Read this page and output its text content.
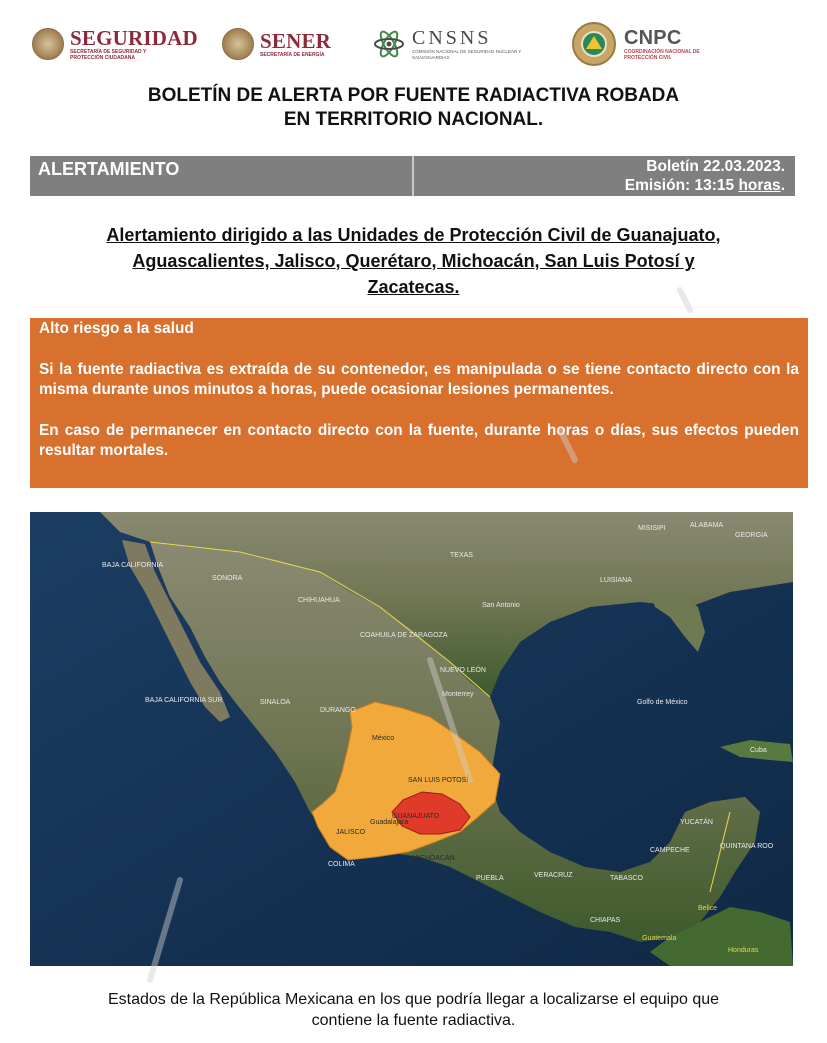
SEGURIDAD
SECRETARÍA DE SEGURIDAD Y PROTECCIÓN CIUDADANA
SENER
SECRETARÍA DE ENERGÍA
CNSNS
COMISIÓN NACIONAL DE SEGURIDAD NUCLEAR Y SALVAGUARDIAS
CNPC
COORDINACIÓN NACIONAL DE PROTECCIÓN CIVIL
BOLETÍN DE ALERTA POR FUENTE RADIACTIVA ROBADA
EN TERRITORIO NACIONAL.
ALERTAMIENTO	Boletín 22.03.2023.
Emisión: 13:15 horas.
Alertamiento dirigido a las Unidades de Protección Civil de Guanajuato,
Aguascalientes, Jalisco, Querétaro, Michoacán, San Luis Potosí y
Zacatecas.

Alto riesgo a la salud

Si la fuente radiactiva es extraída de su contenedor, es manipulada o se tiene contacto directo con la misma durante unos minutos a horas, puede ocasionar lesiones permanentes.

En caso de permanecer en contacto directo con la fuente, durante horas o días, sus efectos pueden resultar mortales.

BAJA CALIFORNIA
SONORA
CHIHUAHUA
TEXAS
San Antonio
LUISIANA
ALABAMA
GEORGIA
MISISIPI
COAHUILA DE ZARAGOZA
NUEVO LEÓN
Monterrey
BAJA CALIFORNIA SUR	SINALOA
DURANGO
Golfo de México
México
SAN LUIS POTOSÍ
GUANAJUATO
JALISCO
Guadalajara
COLIMA
MICHOACÁN
PUEBLA	VERACRUZ	TABASCO
CAMPECHE
YUCATÁN
QUINTANA ROO
CHIAPAS
Belice
Guatemala
Honduras
Cuba
Estados de la República Mexicana en los que podría llegar a localizarse el equipo que
contiene la fuente radiactiva.
